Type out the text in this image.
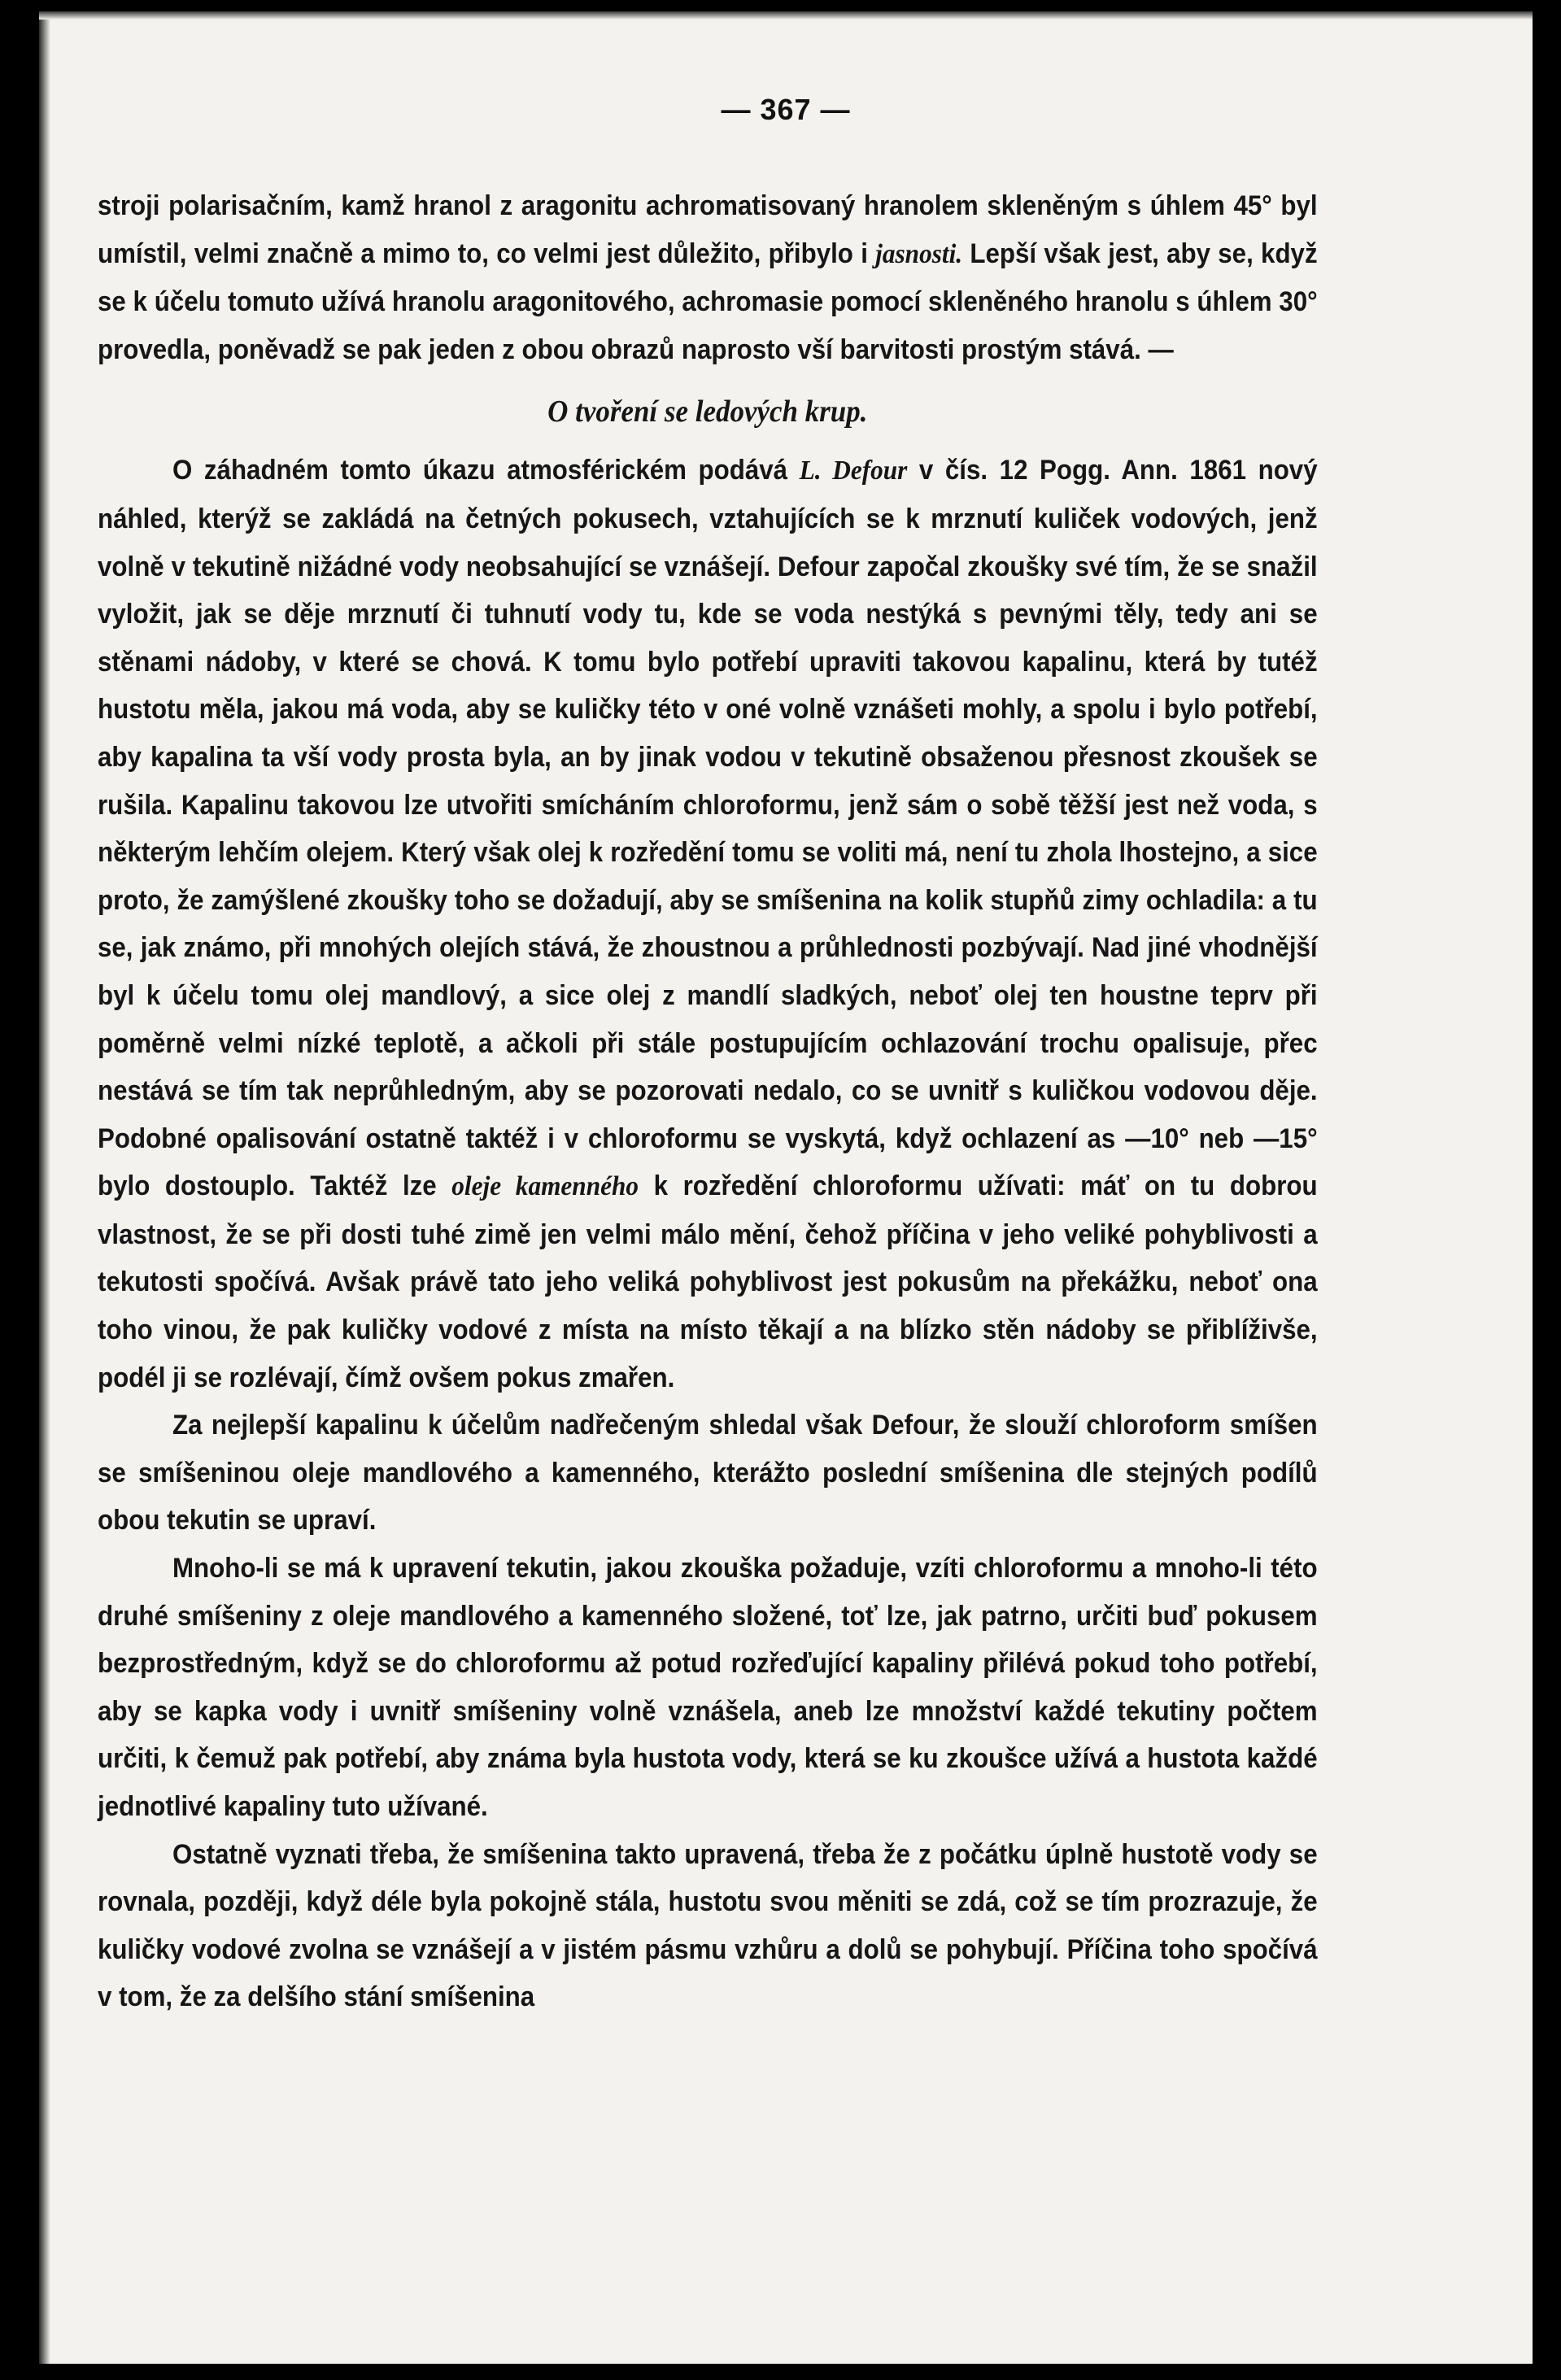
— 367 —

stroji polarisačním, kamž hranol z aragonitu achromatisovaný hranolem skleněným s úhlem 45° byl umístil, velmi značně a mimo to, co velmi jest důležito, přibylo i jasnosti. Lepší však jest, aby se, když se k účelu tomuto užívá hranolu aragonitového, achromasie pomocí skleněného hranolu s úhlem 30° provedla, poněvadž se pak jeden z obou obrazů naprosto vší barvitosti prostým stává. —

O tvoření se ledových krup.

O záhadném tomto úkazu atmosférickém podává L. Defour v čís. 12 Pogg. Ann. 1861 nový náhled, kterýž se zakládá na četných pokusech, vztahujících se k mrznutí kuliček vodových, jenž volně v tekutině nižádné vody neobsahující se vznášejí. Defour započal zkoušky své tím, že se snažil vyložit, jak se děje mrznutí či tuhnutí vody tu, kde se voda nestýká s pevnými těly, tedy ani se stěnami nádoby, v které se chová. K tomu bylo potřebí upraviti takovou kapalinu, která by tutéž hustotu měla, jakou má voda, aby se kuličky této v oné volně vznášeti mohly, a spolu i bylo potřebí, aby kapalina ta vší vody prosta byla, an by jinak vodou v tekutině obsaženou přesnost zkoušek se rušila. Kapalinu takovou lze utvořiti smícháním chloroformu, jenž sám o sobě těžší jest než voda, s některým lehčím olejem. Který však olej k rozředění tomu se voliti má, není tu zhola lhostejno, a sice proto, že zamýšlené zkoušky toho se dožadují, aby se smíšenina na kolik stupňů zimy ochladila: a tu se, jak známo, při mnohých olejích stává, že zhoustnou a průhlednosti pozbývají. Nad jiné vhodnější byl k účelu tomu olej mandlový, a sice olej z mandlí sladkých, neboť olej ten houstne teprv při poměrně velmi nízké teplotě, a ačkoli při stále postupujícím ochlazování trochu opalisuje, přec nestává se tím tak neprůhledným, aby se pozorovati nedalo, co se uvnitř s kuličkou vodovou děje. Podobné opalisování ostatně taktéž i v chloroformu se vyskytá, když ochlazení as —10° neb —15° bylo dostouplo. Taktéž lze oleje kamenného k rozředění chloroformu užívati: máť on tu dobrou vlastnost, že se při dosti tuhé zimě jen velmi málo mění, čehož příčina v jeho veliké pohyblivosti a tekutosti spočívá. Avšak právě tato jeho veliká pohyblivost jest pokusům na překážku, neboť ona toho vinou, že pak kuličky vodové z místa na místo těkají a na blízko stěn nádoby se přiblíživše, podél ji se rozlévají, čímž ovšem pokus zmařen.

Za nejlepší kapalinu k účelům nadřečeným shledal však Defour, že slouží chloroform smíšen se smíšeninou oleje mandlového a kamenného, kterážto poslední smíšenina dle stejných podílů obou tekutin se upraví.

Mnoho-li se má k upravení tekutin, jakou zkouška požaduje, vzíti chloroformu a mnoho-li této druhé smíšeniny z oleje mandlového a kamenného složené, toť lze, jak patrno, určiti buď pokusem bezprostředným, když se do chloroformu až potud rozřeďující kapaliny přilévá pokud toho potřebí, aby se kapka vody i uvnitř smíšeniny volně vznášela, aneb lze množství každé tekutiny počtem určiti, k čemuž pak potřebí, aby známa byla hustota vody, která se ku zkoušce užívá a hustota každé jednotlivé kapaliny tuto užívané.

Ostatně vyznati třeba, že smíšenina takto upravená, třeba že z počátku úplně hustotě vody se rovnala, později, když déle byla pokojně stála, hustotu svou měniti se zdá, což se tím prozrazuje, že kuličky vodové zvolna se vznášejí a v jistém pásmu vzhůru a dolů se pohybují. Příčina toho spočívá v tom, že za delšího stání smíšenina
